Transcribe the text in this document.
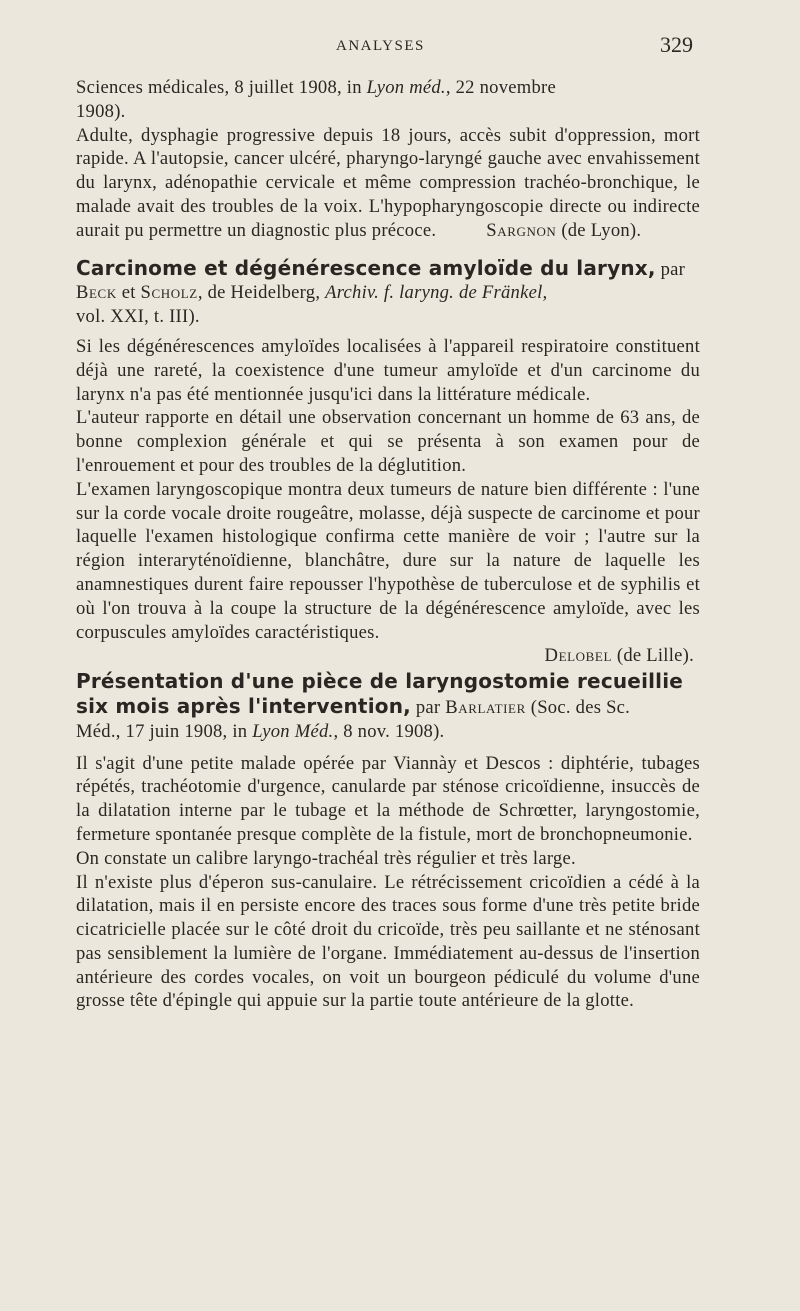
ANALYSES	329

Sciences médicales, 8 juillet 1908, in Lyon méd., 22 novembre

1908).

Adulte, dysphagie progressive depuis 18 jours, accès subit d'oppression, mort rapide. A l'autopsie, cancer ulcéré, pharyngo-laryngé gauche avec envahissement du larynx, adénopathie cervicale et même compression trachéo-bronchique, le malade avait des troubles de la voix. L'hypopharyngoscopie directe ou indirecte aurait pu permettre un diagnostic plus précoce.	Sargnon (de Lyon).

Carcinome et dégénérescence amyloïde du larynx, par

Beck et Scholz, de Heidelberg, Archiv. f. laryng. de Fränkel,

vol. XXI, t. III).

Si les dégénérescences amyloïdes localisées à l'appareil respiratoire constituent déjà une rareté, la coexistence d'une tumeur amyloïde et d'un carcinome du larynx n'a pas été mentionnée jusqu'ici dans la littérature médicale.

L'auteur rapporte en détail une observation concernant un homme de 63 ans, de bonne complexion générale et qui se présenta à son examen pour de l'enrouement et pour des troubles de la déglutition.

L'examen laryngoscopique montra deux tumeurs de nature bien différente : l'une sur la corde vocale droite rougeâtre, molasse, déjà suspecte de carcinome et pour laquelle l'examen histologique confirma cette manière de voir ; l'autre sur la région interaryténoïdienne, blanchâtre, dure sur la nature de laquelle les anamnestiques durent faire repousser l'hypothèse de tuberculose et de syphilis et où l'on trouva à la coupe la structure de la dégénérescence amyloïde, avec les corpuscules amyloïdes caractéristiques.

Delobel (de Lille).

Présentation d'une pièce de laryngostomie recueillie

six mois après l'intervention, par Barlatier (Soc. des Sc.

Méd., 17 juin 1908, in Lyon Méd., 8 nov. 1908).

Il s'agit d'une petite malade opérée par Viannày et Descos : diphtérie, tubages répétés, trachéotomie d'urgence, canularde par sténose cricoïdienne, insuccès de la dilatation interne par le tubage et la méthode de Schrœtter, laryngostomie, fermeture spontanée presque complète de la fistule, mort de bronchopneumonie.

On constate un calibre laryngo-trachéal très régulier et très large.

Il n'existe plus d'éperon sus-canulaire. Le rétrécissement cricoïdien a cédé à la dilatation, mais il en persiste encore des traces sous forme d'une très petite bride cicatricielle placée sur le côté droit du cricoïde, très peu saillante et ne sténosant pas sensiblement la lumière de l'organe. Immédiatement au-dessus de l'insertion antérieure des cordes vocales, on voit un bourgeon pédiculé du volume d'une grosse tête d'épingle qui appuie sur la partie toute antérieure de la glotte.
